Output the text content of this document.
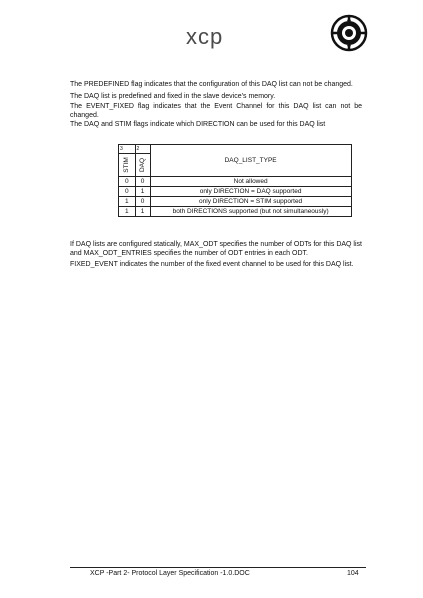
xcp

The PREDEFINED flag indicates that the configuration of this DAQ list can not be changed.

The DAQ list is predefined and fixed in the slave device’s memory.

The EVENT_FIXED flag indicates that the Event Channel for this DAQ list can not be changed.

The DAQ and STIM flags indicate which DIRECTION can be used for this DAQ list

3	2	DAQ_LIST_TYPE
STIM	DAQ	
0	0	Not allowed
0	1	only DIRECTION = DAQ supported
1	0	only DIRECTION = STIM supported
1	1	both DIRECTIONS supported (but not simultaneously)

If DAQ lists are configured statically, MAX_ODT specifies the number of ODTs for this DAQ list and MAX_ODT_ENTRIES specifies the number of ODT entries in each ODT.

FIXED_EVENT indicates the number of the fixed event channel to be used for this DAQ list.

XCP -Part 2- Protocol Layer Specification -1.0.DOC	104
